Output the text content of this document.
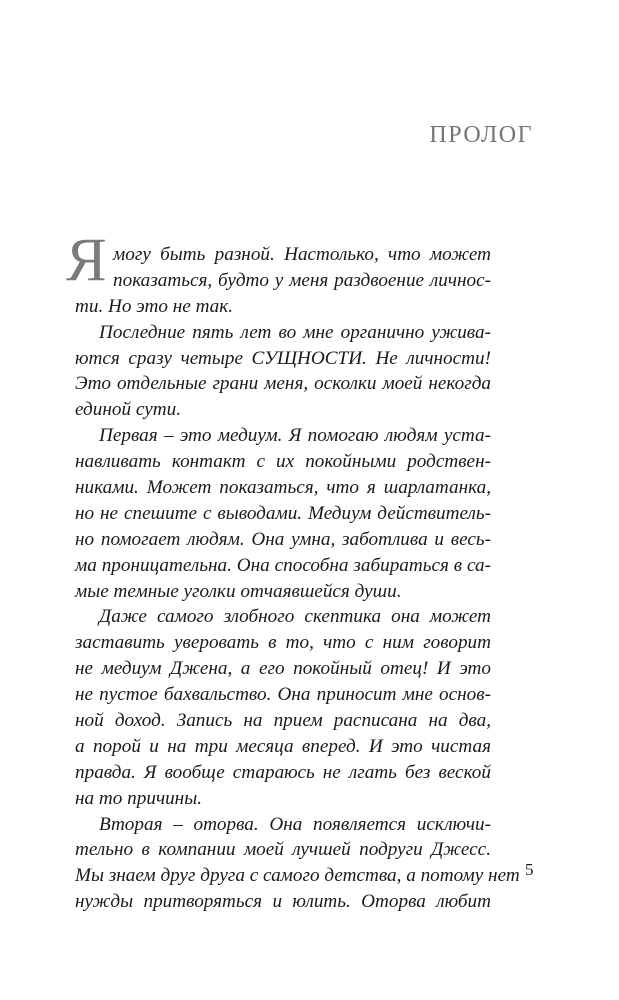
ПРОЛОГ
Я могу быть разной. Настолько, что может
показаться, будто у меня раздвоение личнос-
ти. Но это не так.
Последние пять лет во мне органично ужива-
ются сразу четыре СУЩНОСТИ. Не личности!
Это отдельные грани меня, осколки моей некогда
единой сути.
Первая – это медиум. Я помогаю людям уста-
навливать контакт с их покойными родствен-
никами. Может показаться, что я шарлатанка,
но не спешите с выводами. Медиум действитель-
но помогает людям. Она умна, заботлива и весь-
ма проницательна. Она способна забираться в са-
мые темные уголки отчаявшейся души.
Даже самого злобного скептика она может
заставить уверовать в то, что с ним говорит
не медиум Джена, а его покойный отец! И это
не пустое бахвальство. Она приносит мне основ-
ной доход. Запись на прием расписана на два,
а порой и на три месяца вперед. И это чистая
правда. Я вообще стараюсь не лгать без веской
на то причины.
Вторая – оторва. Она появляется исключи-
тельно в компании моей лучшей подруги Джесс.
Мы знаем друг друга с самого детства, а потому нет
нужды притворяться и юлить. Оторва любит
5
